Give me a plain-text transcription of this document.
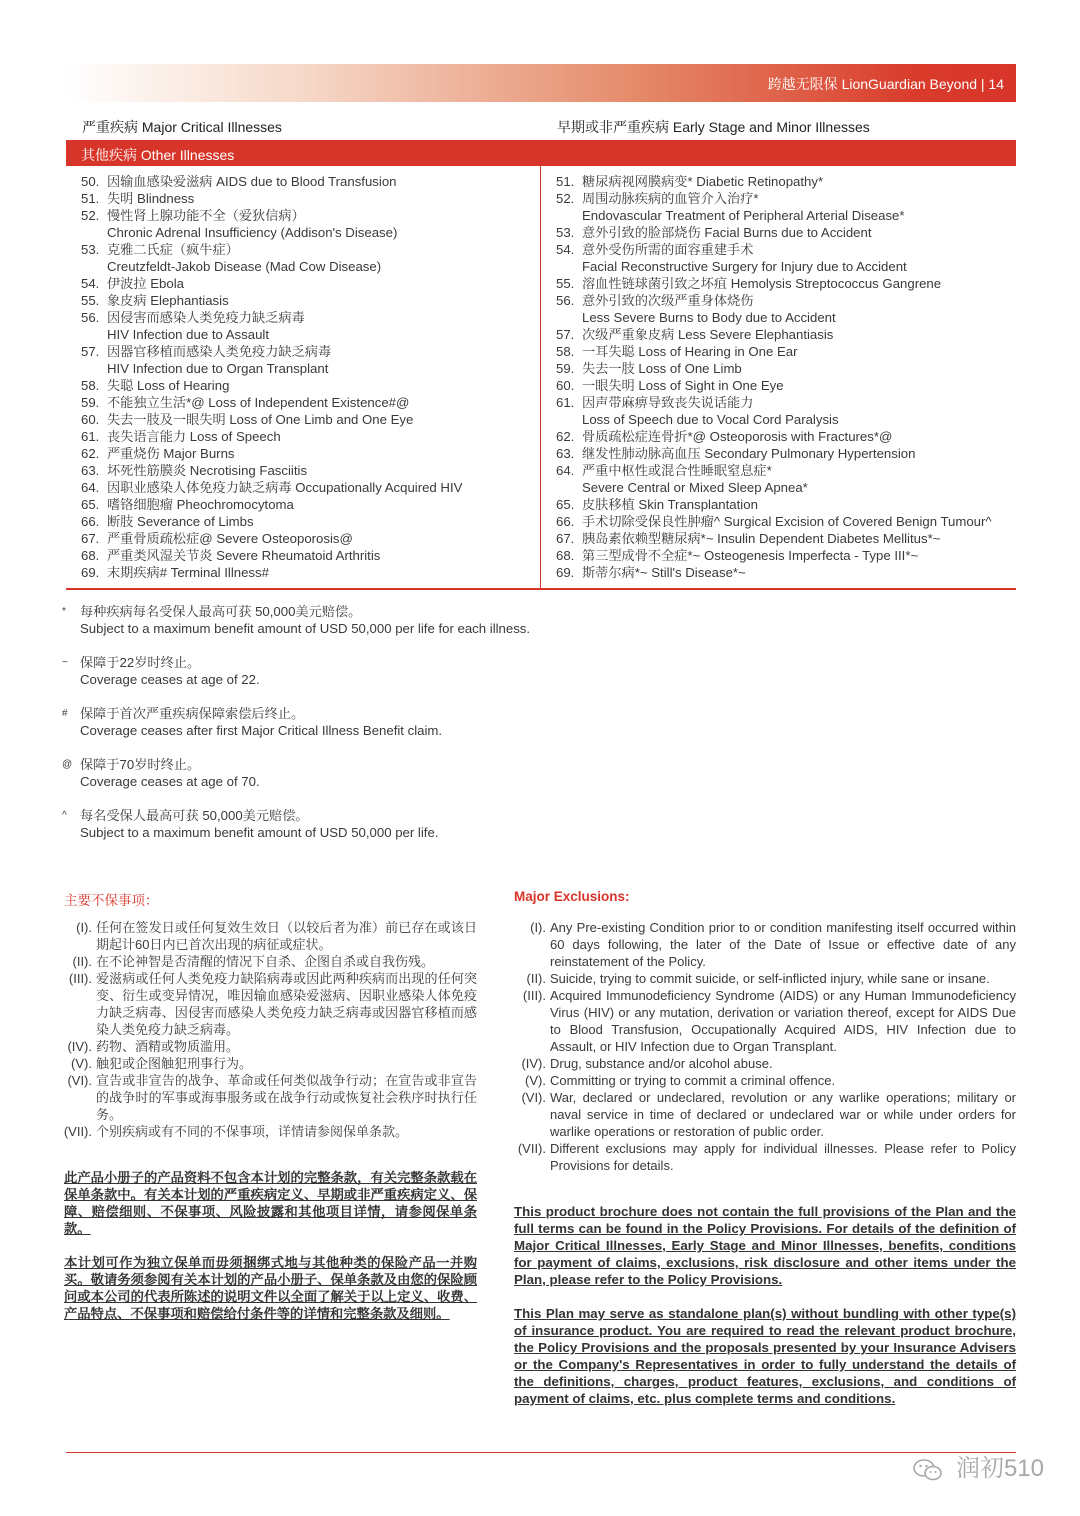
跨越无限保 LionGuardian Beyond | 14
严重疾病 Major Critical Illnesses	早期或非严重疾病 Early Stage and Minor Illnesses
其他疾病 Other Illnesses
50. 因输血感染爱滋病 AIDS due to Blood Transfusion
51. 失明 Blindness
52. 慢性肾上腺功能不全（爱狄信病）
Chronic Adrenal Insufficiency (Addison's Disease)
53. 克雅二氏症（疯牛症）
Creutzfeldt-Jakob Disease (Mad Cow Disease)
54. 伊波拉 Ebola
55. 象皮病 Elephantiasis
56. 因侵害而感染人类免疫力缺乏病毒
HIV Infection due to Assault
57. 因器官移植而感染人类免疫力缺乏病毒
HIV Infection due to Organ Transplant
58. 失聪 Loss of Hearing
59. 不能独立生活*@ Loss of Independent Existence#@
60. 失去一肢及一眼失明 Loss of One Limb and One Eye
61. 丧失语言能力 Loss of Speech
62. 严重烧伤 Major Burns
63. 坏死性筋膜炎 Necrotising Fasciitis
64. 因职业感染人体免疫力缺乏病毒 Occupationally Acquired HIV
65. 嗜铬细胞瘤 Pheochromocytoma
66. 断肢 Severance of Limbs
67. 严重骨质疏松症@ Severe Osteoporosis@
68. 严重类风湿关节炎 Severe Rheumatoid Arthritis
69. 末期疾病# Terminal Illness#
51. 糖尿病视网膜病变* Diabetic Retinopathy*
52. 周围动脉疾病的血管介入治疗*
Endovascular Treatment of Peripheral Arterial Disease*
53. 意外引致的脸部烧伤 Facial Burns due to Accident
54. 意外受伤所需的面容重建手术
Facial Reconstructive Surgery for Injury due to Accident
55. 溶血性链球菌引致之坏疽 Hemolysis Streptococcus Gangrene
56. 意外引致的次级严重身体烧伤
Less Severe Burns to Body due to Accident
57. 次级严重象皮病 Less Severe Elephantiasis
58. 一耳失聪 Loss of Hearing in One Ear
59. 失去一肢 Loss of One Limb
60. 一眼失明 Loss of Sight in One Eye
61. 因声带麻痹导致丧失说话能力
Loss of Speech due to Vocal Cord Paralysis
62. 骨质疏松症连骨折*@ Osteoporosis with Fractures*@
63. 继发性肺动脉高血压 Secondary Pulmonary Hypertension
64. 严重中枢性或混合性睡眠窒息症*
Severe Central or Mixed Sleep Apnea*
65. 皮肤移植 Skin Transplantation
66. 手术切除受保良性肿瘤^ Surgical Excision of Covered Benign Tumour^
67. 胰岛素依赖型糖尿病*~ Insulin Dependent Diabetes Mellitus*~
68. 第三型成骨不全症*~ Osteogenesis Imperfecta - Type III*~
69. 斯蒂尔病*~ Still's Disease*~
*	每种疾病每名受保人最高可获 50,000美元赔偿。
Subject to a maximum benefit amount of USD 50,000 per life for each illness.
~ 保障于22岁时终止。
Coverage ceases at age of 22.
# 保障于首次严重疾病保障索偿后终止。
Coverage ceases after first Major Critical Illness Benefit claim.
@ 保障于70岁时终止。
Coverage ceases at age of 70.
^	每名受保人最高可获 50,000美元赔偿。
Subject to a maximum benefit amount of USD 50,000 per life.
主要不保事项：	Major Exclusions:
(I). 任何在签发日或任何复效生效日（以较后者为准）前已存在或该日期起计60日内已首次出现的病征或症状。
(II). 在不论神智是否清醒的情况下自杀、企图自杀或自我伤残。
(III). 爱滋病或任何人类免疫力缺陷病毒或因此两种疾病而出现的任何突变、衍生或变异情况，唯因输血感染爱滋病、因职业感染人体免疫力缺乏病毒、因侵害而感染人类免疫力缺乏病毒或因器官移植而感染人类免疫力缺乏病毒。
(IV). 药物、酒精或物质滥用。
(V). 触犯或企图触犯刑事行为。
(VI). 宣告或非宣告的战争、革命或任何类似战争行动；在宣告或非宣告的战争时的军事或海事服务或在战争行动或恢复社会秩序时执行任务。
(VII). 个别疾病或有不同的不保事项，详情请参阅保单条款。
(I). Any Pre-existing Condition prior to or condition manifesting itself occurred within 60 days following, the later of the Date of Issue or effective date of any reinstatement of the Policy.
(II). Suicide, trying to commit suicide, or self-inflicted injury, while sane or insane.
(III). Acquired Immunodeficiency Syndrome (AIDS) or any Human Immunodeficiency Virus (HIV) or any mutation, derivation or variation thereof, except for AIDS Due to Blood Transfusion, Occupationally Acquired AIDS, HIV Infection due to Assault, or HIV Infection due to Organ Transplant.
(IV). Drug, substance and/or alcohol abuse.
(V). Committing or trying to commit a criminal offence.
(VI). War, declared or undeclared, revolution or any warlike operations; military or naval service in time of declared or undeclared war or while under orders for warlike operations or restoration of public order.
(VII). Different exclusions may apply for individual illnesses. Please refer to Policy Provisions for details.
此产品小册子的产品资料不包含本计划的完整条款，有关完整条款载在保单条款中。有关本计划的严重疾病定义、早期或非严重疾病定义、保障、赔偿细则、不保事项、风险披露和其他项目详情，请参阅保单条款。
本计划可作为独立保单而毋须捆绑式地与其他种类的保险产品一并购买。敬请务须参阅有关本计划的产品小册子、保单条款及由您的保险顾问或本公司的代表所陈述的说明文件以全面了解关于以上定义、收费、产品特点、不保事项和赔偿给付条件等的详情和完整条款及细则。
This product brochure does not contain the full provisions of the Plan and the full terms can be found in the Policy Provisions. For details of the definition of Major Critical Illnesses, Early Stage and Minor Illnesses, benefits, conditions for payment of claims, exclusions, risk disclosure and other items under the Plan, please refer to the Policy Provisions.
This Plan may serve as standalone plan(s) without bundling with other type(s) of insurance product. You are required to read the relevant product brochure, the Policy Provisions and the proposals presented by your Insurance Advisers or the Company's Representatives in order to fully understand the details of the definitions, charges, product features, exclusions, and conditions of payment of claims, etc. plus complete terms and conditions.
润初510
